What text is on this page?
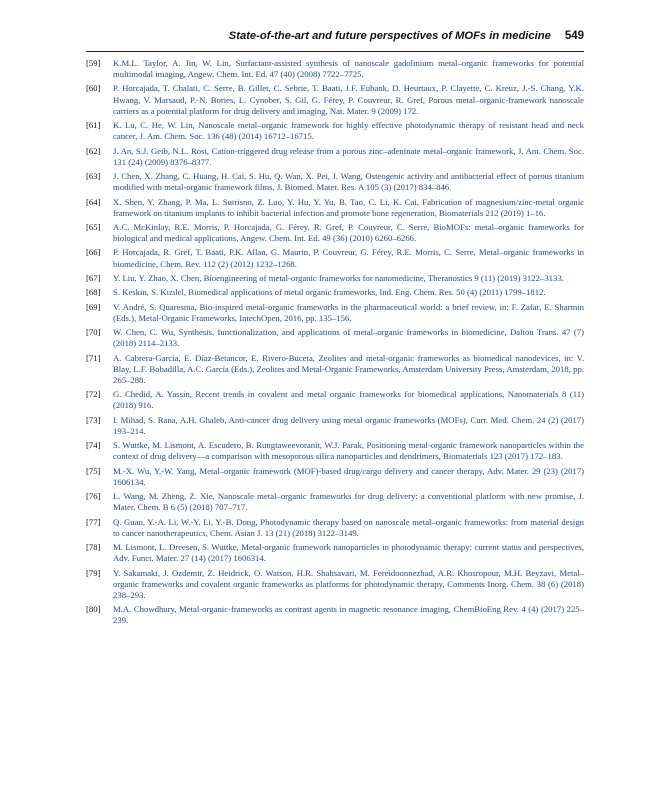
State-of-the-art and future perspectives of MOFs in medicine 549
[59]	K.M.L. Taylor, A. Jin, W. Lin, Surfactant-assisted synthesis of nanoscale gadolinium metal–organic frameworks for potential multimodal imaging, Angew. Chem. Int. Ed. 47 (40) (2008) 7722–7725.
[60]	P. Horcajada, T. Chalati, C. Serre, B. Gillet, C. Sebrie, T. Baati, J.F. Eubank, D. Heurtaux, P. Clayette, C. Kreuz, J.-S. Chang, Y.K. Hwang, V. Marsaud, P.-N. Bories, L. Cynober, S. Gil, G. Férey, P. Couvreur, R. Gref, Porous metal–organic-framework nanoscale carriers as a potential platform for drug delivery and imaging, Nat. Mater. 9 (2009) 172.
[61]	K. Lu, C. He, W. Lin, Nanoscale metal–organic framework for highly effective photodynamic therapy of resistant head and neck cancer, J. Am. Chem. Soc. 136 (48) (2014) 16712–16715.
[62]	J. An, S.J. Geib, N.L. Rosi, Cation-triggered drug release from a porous zinc–adeninate metal–organic framework, J. Am. Chem. Soc. 131 (24) (2009) 8376–8377.
[63]	J. Chen, X. Zhang, C. Huang, H. Cai, S. Hu, Q. Wan, X. Pei, J. Wang, Osteogenic activity and antibacterial effect of porous titanium modified with metal-organic framework films, J. Biomed. Mater. Res. A 105 (3) (2017) 834–846.
[64]	X. Shen, Y. Zhang, P. Ma, L. Sutrisno, Z. Luo, Y. Hu, Y. Yu, B. Tao, C. Li, K. Cai, Fabrication of magnesium/zinc-metal organic framework on titanium implants to inhibit bacterial infection and promote bone regeneration, Biomaterials 212 (2019) 1–16.
[65]	A.C. McKinlay, R.E. Morris, P. Horcajada, G. Férey, R. Gref, P. Couvreur, C. Serre, BioMOFs: metal–organic frameworks for biological and medical applications, Angew. Chem. Int. Ed. 49 (36) (2010) 6260–6266.
[66]	P. Horcajada, R. Gref, T. Baati, P.K. Allan, G. Maurin, P. Couvreur, G. Férey, R.E. Morris, C. Serre, Metal–organic frameworks in biomedicine, Chem. Rev. 112 (2) (2012) 1232–1268.
[67]	Y. Liu, Y. Zhao, X. Chen, Bioengineering of metal-organic frameworks for nanomedicine, Theranostics 9 (11) (2019) 3122–3133.
[68]	S. Keskin, S. Kızılel, Biomedical applications of metal organic frameworks, Ind. Eng. Chem. Res. 50 (4) (2011) 1799–1812.
[69]	V. André, S. Quaresma, Bio-inspired metal-organic frameworks in the pharmaceutical world: a brief review, in: F. Zafar, E. Sharmin (Eds.), Metal-Organic Frameworks, IntechOpen, 2016, pp. 135–156.
[70]	W. Chen, C. Wu, Synthesis, functionalization, and applications of metal–organic frameworks in biomedicine, Dalton Trans. 47 (7) (2018) 2114–2133.
[71]	A. Cabrera-García, E. Díaz-Betancor, E. Rivero-Buceta, Zeolites and metal-organic frameworks as biomedical nanodevices, in: V. Blay, L.F. Bobadilla, A.C. García (Eds.), Zeolites and Metal-Organic Frameworks, Amsterdam University Press, Amsterdam, 2018, pp. 265–288.
[72]	G. Chedid, A. Yassin, Recent trends in covalent and metal organic frameworks for biomedical applications, Nanomaterials 8 (11) (2018) 916.
[73]	I. Mihad, S. Rana, A.H. Ghaleb, Anti-cancer drug delivery using metal organic frameworks (MOFs), Curr. Med. Chem. 24 (2) (2017) 193–214.
[74]	S. Wuttke, M. Lismont, A. Escudero, B. Rungtaweevoranit, W.J. Parak, Positioning metal-organic framework nanoparticles within the context of drug delivery—a comparison with mesoporous silica nanoparticles and dendrimers, Biomaterials 123 (2017) 172–183.
[75]	M.-X. Wu, Y.-W. Yang, Metal–organic framework (MOF)-based drug/cargo delivery and cancer therapy, Adv. Mater. 29 (23) (2017) 1606134.
[76]	L. Wang, M. Zheng, Z. Xie, Nanoscale metal–organic frameworks for drug delivery: a conventional platform with new promise, J. Mater. Chem. B 6 (5) (2018) 707–717.
[77]	Q. Guan, Y.-A. Li, W.-Y. Li, Y.-B. Dong, Photodynamic therapy based on nanoscale metal–organic frameworks: from material design to cancer nanotherapeutics, Chem. Asian J. 13 (21) (2018) 3122–3149.
[78]	M. Lismont, L. Dreesen, S. Wuttke, Metal-organic framework nanoparticles in photodynamic therapy: current status and perspectives, Adv. Funct. Mater. 27 (14) (2017) 1606314.
[79]	Y. Sakamaki, J. Ozdemir, Z. Heidrick, O. Watson, H.R. Shahsavari, M. Fereidoonnezhad, A.R. Khosropour, M.H. Beyzavi, Metal–organic frameworks and covalent organic frameworks as platforms for photodynamic therapy, Comments Inorg. Chem. 38 (6) (2018) 238–293.
[80]	M.A. Chowdhury, Metal-organic-frameworks as contrast agents in magnetic resonance imaging, ChemBioEng Rev. 4 (4) (2017) 225–239.
